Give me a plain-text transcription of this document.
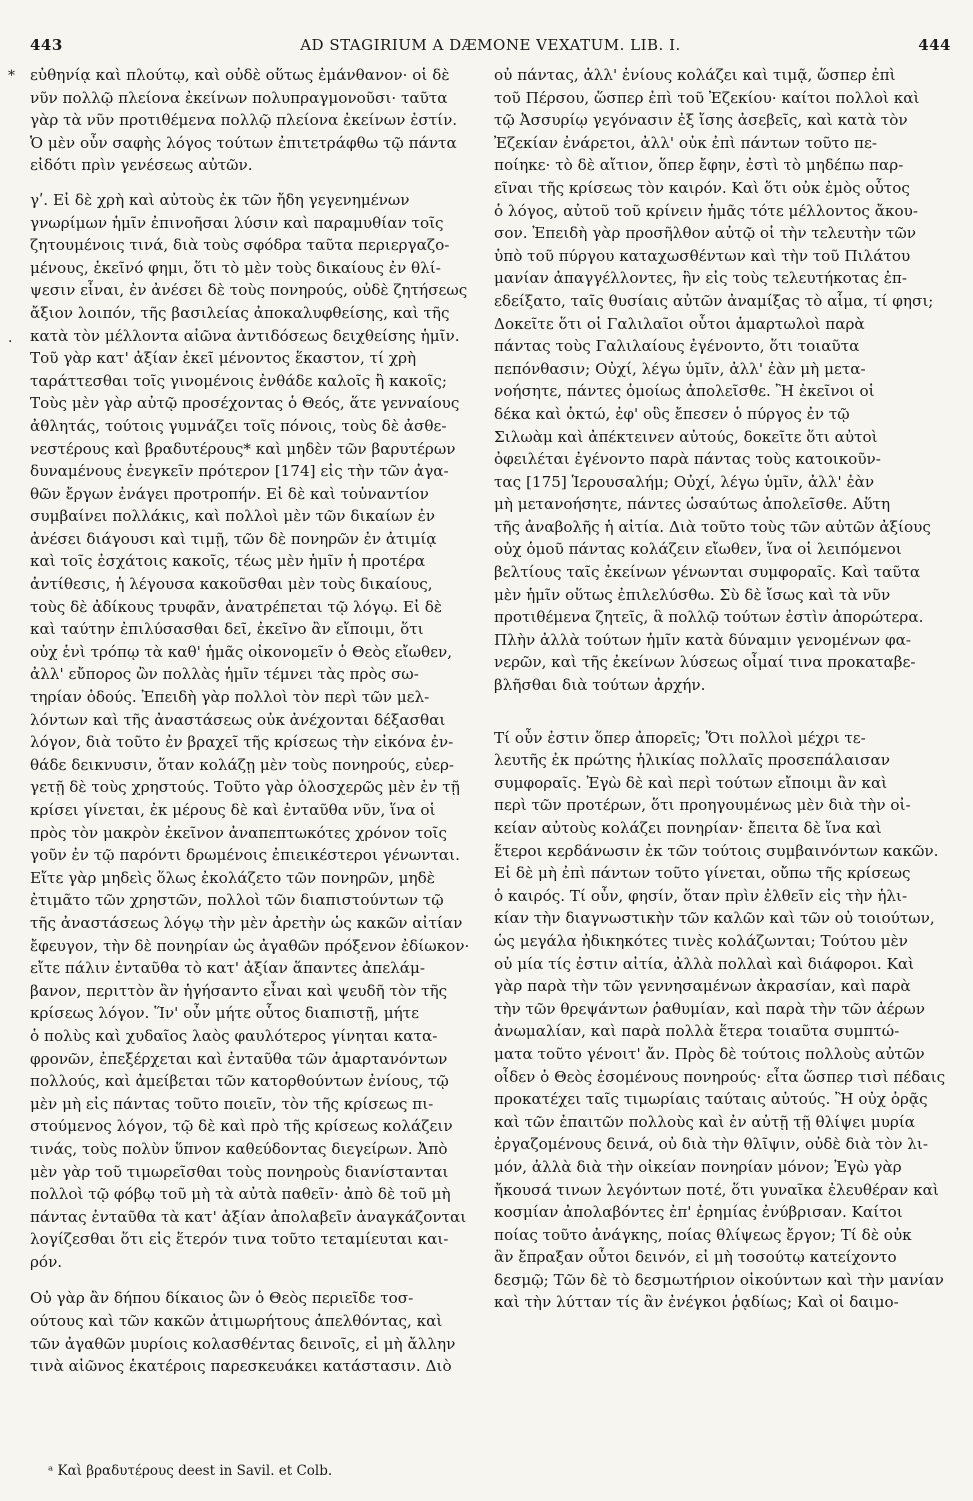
443	AD STAGIRIUM A DÆMONE VEXATUM. LIB. I.	444
*
.
εὐθηνίᾳ καὶ πλούτῳ, καὶ οὐδὲ οὕτως ἐμάνθανον· οἱ δὲ
νῦν πολλῷ πλείονα ἐκείνων πολυπραγμονοῦσι· ταῦτα
γὰρ τὰ νῦν προτιθέμενα πολλῷ πλείονα ἐκείνων ἐστίν.
Ὁ μὲν οὖν σαφὴς λόγος τούτων ἐπιτετράφθω τῷ πάντα
εἰδότι πρὶν γενέσεως αὐτῶν.
γʹ. Εἰ δὲ χρὴ καὶ αὐτοὺς ἐκ τῶν ἤδη γεγενημένων
γνωρίμων ἡμῖν ἐπινοῆσαι λύσιν καὶ παραμυθίαν τοῖς
ζητουμένοις τινά, διὰ τοὺς σφόδρα ταῦτα περιεργαζο-
μένους, ἐκεῖνό φημι, ὅτι τὸ μὲν τοὺς δικαίους ἐν θλί-
ψεσιν εἶναι, ἐν ἀνέσει δὲ τοὺς πονηρούς, οὐδὲ ζητήσεως
ἄξιον λοιπόν, τῆς βασιλείας ἀποκαλυφθείσης, καὶ τῆς
κατὰ τὸν μέλλοντα αἰῶνα ἀντιδόσεως δειχθείσης ἡμῖν.
Τοῦ γὰρ κατ' ἀξίαν ἐκεῖ μένοντος ἕκαστον, τί χρὴ
ταράττεσθαι τοῖς γινομένοις ἐνθάδε καλοῖς ἢ κακοῖς;
Τοὺς μὲν γὰρ αὐτῷ προσέχοντας ὁ Θεός, ἅτε γενναίους
ἀθλητάς, τούτοις γυμνάζει τοῖς πόνοις, τοὺς δὲ ἀσθε-
νεστέρους καὶ βραδυτέρους* καὶ μηδὲν τῶν βαρυτέρων
δυναμένους ἐνεγκεῖν πρότερον [174] εἰς τὴν τῶν ἀγα-
θῶν ἔργων ἐνάγει προτροπήν. Εἰ δὲ καὶ τοὐναντίον
συμβαίνει πολλάκις, καὶ πολλοὶ μὲν τῶν δικαίων ἐν
ἀνέσει διάγουσι καὶ τιμῇ, τῶν δὲ πονηρῶν ἐν ἀτιμίᾳ
καὶ τοῖς ἐσχάτοις κακοῖς, τέως μὲν ἡμῖν ἡ προτέρα
ἀντίθεσις, ἡ λέγουσα κακοῦσθαι μὲν τοὺς δικαίους,
τοὺς δὲ ἀδίκους τρυφᾶν, ἀνατρέπεται τῷ λόγῳ. Εἰ δὲ
καὶ ταύτην ἐπιλύσασθαι δεῖ, ἐκεῖνο ἂν εἴποιμι, ὅτι
οὐχ ἑνὶ τρόπῳ τὰ καθ' ἡμᾶς οἰκονομεῖν ὁ Θεὸς εἴωθεν,
ἀλλ' εὔπορος ὢν πολλὰς ἡμῖν τέμνει τὰς πρὸς σω-
τηρίαν ὁδούς. Ἐπειδὴ γὰρ πολλοὶ τὸν περὶ τῶν μελ-
λόντων καὶ τῆς ἀναστάσεως οὐκ ἀνέχονται δέξασθαι
λόγον, διὰ τοῦτο ἐν βραχεῖ τῆς κρίσεως τὴν εἰκόνα ἐν-
θάδε δεικνυσιν, ὅταν κολάζῃ μὲν τοὺς πονηρούς, εὐερ-
γετῇ δὲ τοὺς χρηστούς. Τοῦτο γὰρ ὁλοσχερῶς μὲν ἐν τῇ
κρίσει γίνεται, ἐκ μέρους δὲ καὶ ἐνταῦθα νῦν, ἵνα οἱ
πρὸς τὸν μακρὸν ἐκεῖνον ἀναπεπτωκότες χρόνον τοῖς
γοῦν ἐν τῷ παρόντι δρωμένοις ἐπιεικέστεροι γένωνται.
Εἴτε γὰρ μηδεὶς ὅλως ἐκολάζετο τῶν πονηρῶν, μηδὲ
ἐτιμᾶτο τῶν χρηστῶν, πολλοὶ τῶν διαπιστούντων τῷ
τῆς ἀναστάσεως λόγῳ τὴν μὲν ἀρετὴν ὡς κακῶν αἰτίαν
ἔφευγον, τὴν δὲ πονηρίαν ὡς ἀγαθῶν πρόξενον ἐδίωκον·
εἴτε πάλιν ἐνταῦθα τὸ κατ' ἀξίαν ἅπαντες ἀπελάμ-
βανον, περιττὸν ἂν ἡγήσαντο εἶναι καὶ ψευδῆ τὸν τῆς
κρίσεως λόγον. Ἵν' οὖν μήτε οὗτος διαπιστῇ, μήτε
ὁ πολὺς καὶ χυδαῖος λαὸς φαυλότερος γίνηται κατα-
φρονῶν, ἐπεξέρχεται καὶ ἐνταῦθα τῶν ἁμαρτανόντων
πολλούς, καὶ ἀμείβεται τῶν κατορθούντων ἐνίους, τῷ
μὲν μὴ εἰς πάντας τοῦτο ποιεῖν, τὸν τῆς κρίσεως πι-
στούμενος λόγον, τῷ δὲ καὶ πρὸ τῆς κρίσεως κολάζειν
τινάς, τοὺς πολὺν ὕπνον καθεύδοντας διεγείρων. Ἀπὸ
μὲν γὰρ τοῦ τιμωρεῖσθαι τοὺς πονηροὺς διανίστανται
πολλοὶ τῷ φόβῳ τοῦ μὴ τὰ αὐτὰ παθεῖν· ἀπὸ δὲ τοῦ μὴ
πάντας ἐνταῦθα τὰ κατ' ἀξίαν ἀπολαβεῖν ἀναγκάζονται
λογίζεσθαι ὅτι εἰς ἕτερόν τινα τοῦτο τεταμίευται και-
ρόν.
Οὐ γὰρ ἂν δήπου δίκαιος ὢν ὁ Θεὸς περιεῖδε τοσ-
ούτους καὶ τῶν κακῶν ἀτιμωρήτους ἀπελθόντας, καὶ
τῶν ἀγαθῶν μυρίοις κολασθέντας δεινοῖς, εἰ μὴ ἄλλην
τινὰ αἰῶνος ἑκατέροις παρεσκευάκει κατάστασιν. Διὸ
οὐ πάντας, ἀλλ' ἐνίους κολάζει καὶ τιμᾷ, ὥσπερ ἐπὶ
τοῦ Πέρσου, ὥσπερ ἐπὶ τοῦ Ἐζεκίου· καίτοι πολλοὶ καὶ
τῷ Ἀσσυρίῳ γεγόνασιν ἐξ ἴσης ἀσεβεῖς, καὶ κατὰ τὸν
Ἐζεκίαν ἐνάρετοι, ἀλλ' οὐκ ἐπὶ πάντων τοῦτο πε-
ποίηκε· τὸ δὲ αἴτιον, ὅπερ ἔφην, ἐστὶ τὸ μηδέπω παρ-
εῖναι τῆς κρίσεως τὸν καιρόν. Καὶ ὅτι οὐκ ἐμὸς οὗτος
ὁ λόγος, αὐτοῦ τοῦ κρίνειν ἡμᾶς τότε μέλλοντος ἄκου-
σον. Ἐπειδὴ γὰρ προσῆλθον αὐτῷ οἱ τὴν τελευτὴν τῶν
ὑπὸ τοῦ πύργου καταχωσθέντων καὶ τὴν τοῦ Πιλάτου
μανίαν ἀπαγγέλλοντες, ἣν εἰς τοὺς τελευτήκοτας ἐπ-
εδείξατο, ταῖς θυσίαις αὐτῶν ἀναμίξας τὸ αἷμα, τί φησι;
Δοκεῖτε ὅτι οἱ Γαλιλαῖοι οὗτοι ἁμαρτωλοὶ παρὰ
πάντας τοὺς Γαλιλαίους ἐγένοντο, ὅτι τοιαῦτα
πεπόνθασιν; Οὐχί, λέγω ὑμῖν, ἀλλ' ἐὰν μὴ μετα-
νοήσητε, πάντες ὁμοίως ἀπολεῖσθε. Ἢ ἐκεῖνοι οἱ
δέκα καὶ ὀκτώ, ἐφ' οὓς ἔπεσεν ὁ πύργος ἐν τῷ
Σιλωὰμ καὶ ἀπέκτεινεν αὐτούς, δοκεῖτε ὅτι αὐτοὶ
ὀφειλέται ἐγένοντο παρὰ πάντας τοὺς κατοικοῦν-
τας [175] Ἱερουσαλήμ; Οὐχί, λέγω ὑμῖν, ἀλλ' ἐὰν
μὴ μετανοήσητε, πάντες ὡσαύτως ἀπολεῖσθε. Αὕτη
τῆς ἀναβολῆς ἡ αἰτία. Διὰ τοῦτο τοὺς τῶν αὐτῶν ἀξίους
οὐχ ὁμοῦ πάντας κολάζειν εἴωθεν, ἵνα οἱ λειπόμενοι
βελτίους ταῖς ἐκείνων γένωνται συμφοραῖς. Καὶ ταῦτα
μὲν ἡμῖν οὕτως ἐπιλελύσθω. Σὺ δὲ ἴσως καὶ τὰ νῦν
προτιθέμενα ζητεῖς, ἃ πολλῷ τούτων ἐστὶν ἀπορώτερα.
Πλὴν ἀλλὰ τούτων ἡμῖν κατὰ δύναμιν γενομένων φα-
νερῶν, καὶ τῆς ἐκείνων λύσεως οἶμαί τινα προκαταβε-
βλῆσθαι διὰ τούτων ἀρχήν.
Τί οὖν ἐστιν ὅπερ ἀπορεῖς; Ὅτι πολλοὶ μέχρι τε-
λευτῆς ἐκ πρώτης ἡλικίας πολλαῖς προσεπάλαισαν
συμφοραῖς. Ἐγὼ δὲ καὶ περὶ τούτων εἴποιμι ἂν καὶ
περὶ τῶν προτέρων, ὅτι προηγουμένως μὲν διὰ τὴν οἰ-
κείαν αὐτοὺς κολάζει πονηρίαν· ἔπειτα δὲ ἵνα καὶ
ἕτεροι κερδάνωσιν ἐκ τῶν τούτοις συμβαινόντων κακῶν.
Εἰ δὲ μὴ ἐπὶ πάντων τοῦτο γίνεται, οὔπω τῆς κρίσεως
ὁ καιρός. Τί οὖν, φησίν, ὅταν πρὶν ἐλθεῖν εἰς τὴν ἡλι-
κίαν τὴν διαγνωστικὴν τῶν καλῶν καὶ τῶν οὐ τοιούτων,
ὡς μεγάλα ἠδικηκότες τινὲς κολάζωνται; Τούτου μὲν
οὐ μία τίς ἐστιν αἰτία, ἀλλὰ πολλαὶ καὶ διάφοροι. Καὶ
γὰρ παρὰ τὴν τῶν γεννησαμένων ἀκρασίαν, καὶ παρὰ
τὴν τῶν θρεψάντων ῥαθυμίαν, καὶ παρὰ τὴν τῶν ἀέρων
ἀνωμαλίαν, καὶ παρὰ πολλὰ ἕτερα τοιαῦτα συμπτώ-
ματα τοῦτο γένοιτ' ἄν. Πρὸς δὲ τούτοις πολλοὺς αὐτῶν
οἶδεν ὁ Θεὸς ἐσομένους πονηρούς· εἶτα ὥσπερ τισὶ πέδαις
προκατέχει ταῖς τιμωρίαις ταύταις αὐτούς. Ἢ οὐχ ὁρᾷς
καὶ τῶν ἐπαιτῶν πολλοὺς καὶ ἐν αὐτῇ τῇ θλίψει μυρία
ἐργαζομένους δεινά, οὐ διὰ τὴν θλῖψιν, οὐδὲ διὰ τὸν λι-
μόν, ἀλλὰ διὰ τὴν οἰκείαν πονηρίαν μόνον; Ἐγὼ γὰρ
ἤκουσά τινων λεγόντων ποτέ, ὅτι γυναῖκα ἐλευθέραν καὶ
κοσμίαν ἀπολαβόντες ἐπ' ἐρημίας ἐνύβρισαν. Καίτοι
ποίας τοῦτο ἀνάγκης, ποίας θλίψεως ἔργον; Τί δὲ οὐκ
ἂν ἔπραξαν οὗτοι δεινόν, εἰ μὴ τοσούτῳ κατείχοντο
δεσμῷ; Τῶν δὲ τὸ δεσμωτήριον οἰκούντων καὶ τὴν μανίαν
καὶ τὴν λύτταν τίς ἂν ἐνέγκοι ῥᾳδίως; Καὶ οἱ δαιμο-
ᵃ Καὶ βραδυτέρους deest in Savil. et Colb.
